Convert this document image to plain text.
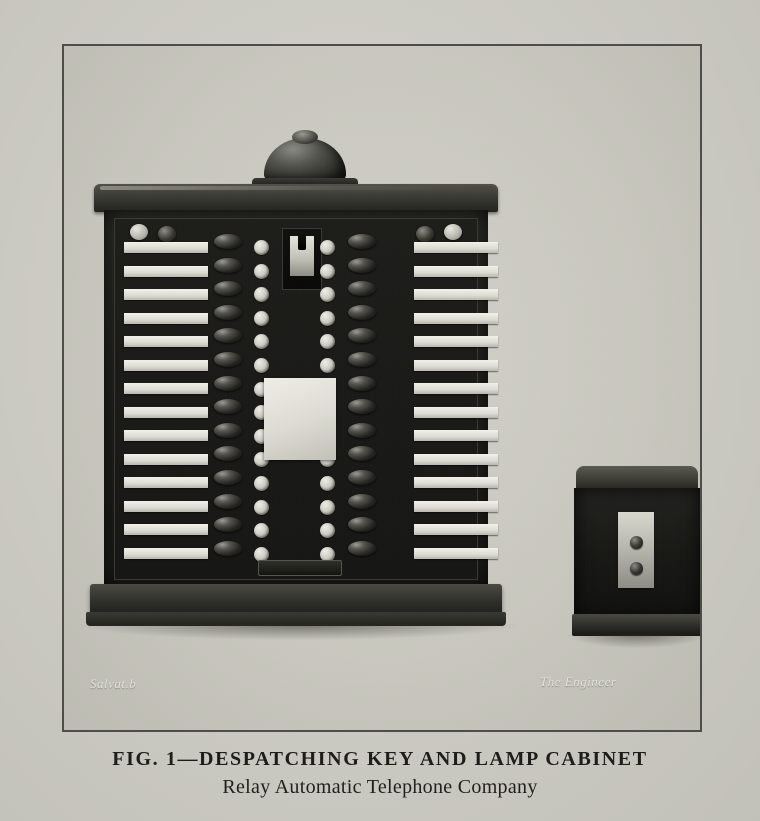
Salvat.b	The Engineer
FIG. 1—DESPATCHING KEY AND LAMP CABINET
Relay Automatic Telephone Company
